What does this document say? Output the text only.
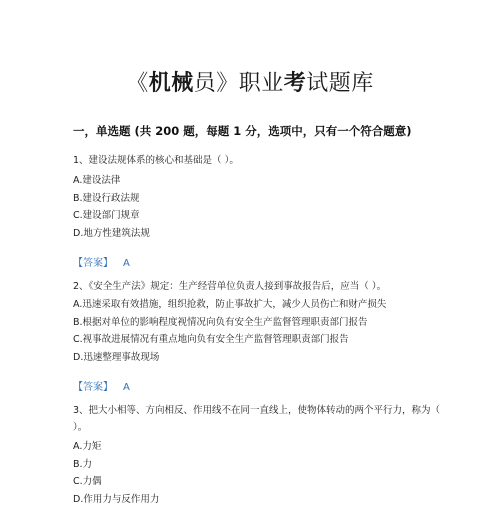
《机械员》职业考试题库
一，单选题 (共 200 题，每题 1 分，选项中，只有一个符合题意)
1、建设法规体系的核心和基础是（ ）。
A.建设法律
B.建设行政法规
C.建设部门规章
D.地方性建筑法规
【答案】 A
2、《安全生产法》规定：生产经营单位负责人接到事故报告后，应当（ ）。
A.迅速采取有效措施，组织抢救，防止事故扩大，减少人员伤亡和财产损失
B.根据对单位的影响程度视情况向负有安全生产监督管理职责部门报告
C.视事故进展情况有重点地向负有安全生产监督管理职责部门报告
D.迅速整理事故现场
【答案】 A
3、把大小相等、方向相反、作用线不在同一直线上，使物体转动的两个平行力，称为（
）。
A.力矩
B.力
C.力偶
D.作用力与反作用力
